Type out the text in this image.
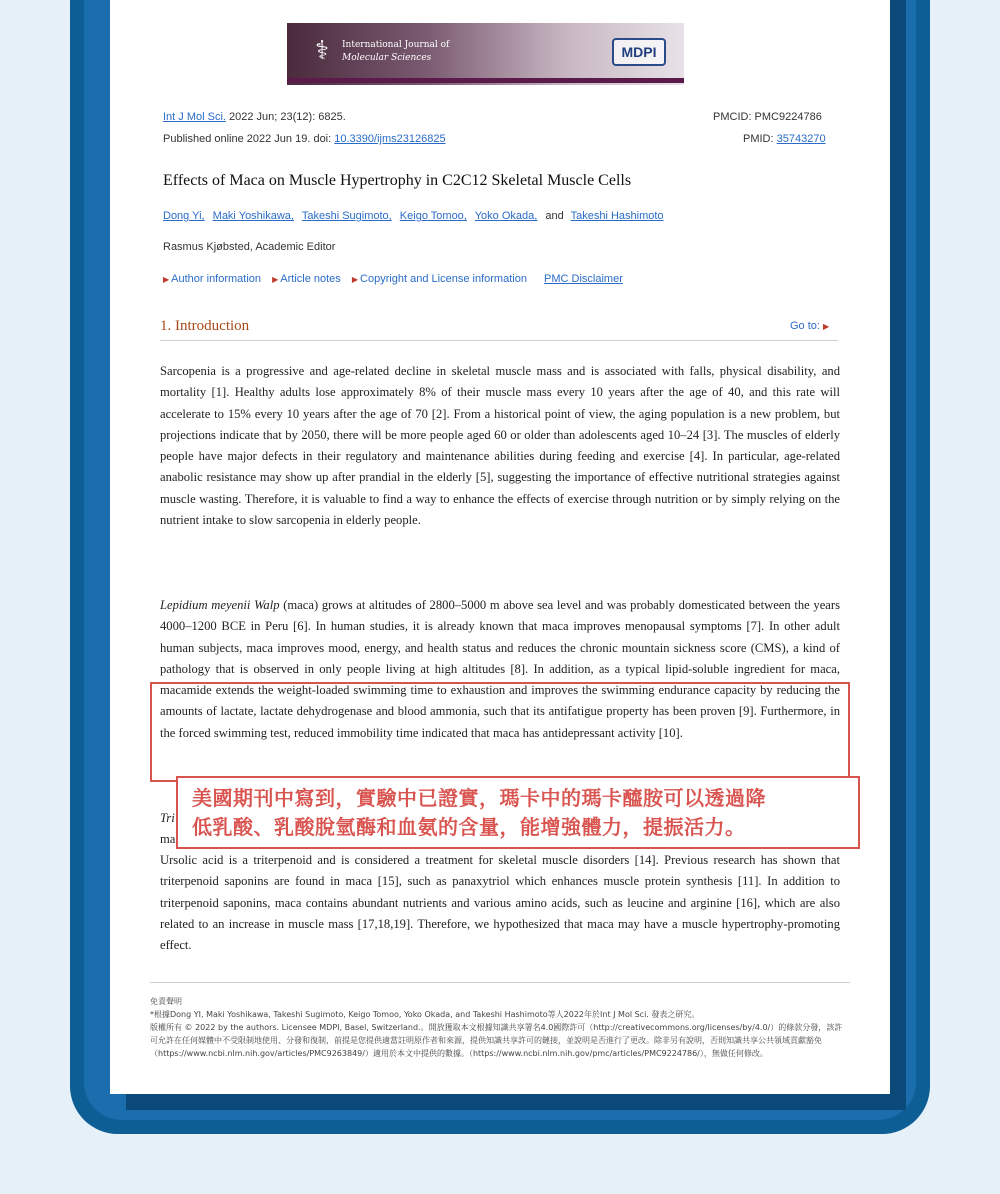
⚕	International Journal of
Molecular Sciences	MDPI
Int J Mol Sci. 2022 Jun; 23(12): 6825.
Published online 2022 Jun 19. doi: 10.3390/ijms23126825
PMCID: PMC9224786
PMID: 35743270
Effects of Maca on Muscle Hypertrophy in C2C12 Skeletal Muscle Cells
Dong Yi, Maki Yoshikawa, Takeshi Sugimoto, Keigo Tomoo, Yoko Okada, and Takeshi Hashimoto
Rasmus Kjøbsted, Academic Editor
▶ Author information ▶ Article notes ▶ Copyright and License information PMC Disclaimer
1. Introduction	Go to: ▶
Sarcopenia is a progressive and age-related decline in skeletal muscle mass and is associated with falls, physical disability, and mortality [1]. Healthy adults lose approximately 8% of their muscle mass every 10 years after the age of 40, and this rate will accelerate to 15% every 10 years after the age of 70 [2]. From a historical point of view, the aging population is a new problem, but projections indicate that by 2050, there will be more people aged 60 or older than adolescents aged 10–24 [3]. The muscles of elderly people have major defects in their regulatory and maintenance abilities during feeding and exercise [4]. In particular, age-related anabolic resistance may show up after prandial in the elderly [5], suggesting the importance of effective nutritional strategies against muscle wasting. Therefore, it is valuable to find a way to enhance the effects of exercise through nutrition or by simply relying on the nutrient intake to slow sarcopenia in elderly people.
Lepidium meyenii Walp (maca) grows at altitudes of 2800–5000 m above sea level and was probably domesticated between the years 4000–1200 BCE in Peru [6]. In human studies, it is already known that maca improves menopausal symptoms [7]. In other adult human subjects, maca improves mood, energy, and health status and reduces the chronic mountain sickness score (CMS), a kind of pathology that is observed in only people living at high altitudes [8]. In addition, as a typical lipid-soluble ingredient for maca, macamide extends the weight-loaded swimming time to exhaustion and improves the swimming endurance capacity by reducing the amounts of lactate, lactate dehydrogenase and blood ammonia, such that its antifatigue property has been proven [9]. Furthermore, in the forced swimming test, reduced immobility time indicated that maca has antidepressant activity [10].
Tri
ma
Ursolic acid is a triterpenoid and is considered a treatment for skeletal muscle disorders [14]. Previous research has shown that triterpenoid saponins are found in maca [15], such as panaxytriol which enhances muscle protein synthesis [11]. In addition to triterpenoid saponins, maca contains abundant nutrients and various amino acids, such as leucine and arginine [16], which are also related to an increase in muscle mass [17,18,19]. Therefore, we hypothesized that maca may have a muscle hypertrophy-promoting effect.
美國期刊中寫到，實驗中已證實，瑪卡中的瑪卡醯胺可以透過降
低乳酸、乳酸脫氫酶和血氨的含量，能增強體力，提振活力。
免責聲明
*根據Dong YI, Maki Yoshikawa, Takeshi Sugimoto, Keigo Tomoo, Yoko Okada, and Takeshi Hashimoto等人2022年於Int J Mol Sci. 發表之研究。
版權所有 © 2022 by the authors. Licensee MDPI, Basel, Switzerland.。開放獲取本文根據知識共享署名4.0國際許可（http://creativecommons.org/licenses/by/4.0/）的條款分發，該許可允許在任何媒體中不受限制地使用、分發和復制，前提是您提供適當註明原作者和來源，提供知識共享許可的鏈接，並說明是否進行了更改。除非另有說明，否則知識共享公共領域貢獻豁免（https://www.ncbi.nlm.nih.gov/articles/PMC9263849/）適用於本文中提供的數據。（https://www.ncbi.nlm.nih.gov/pmc/articles/PMC9224786/），無做任何修改。
